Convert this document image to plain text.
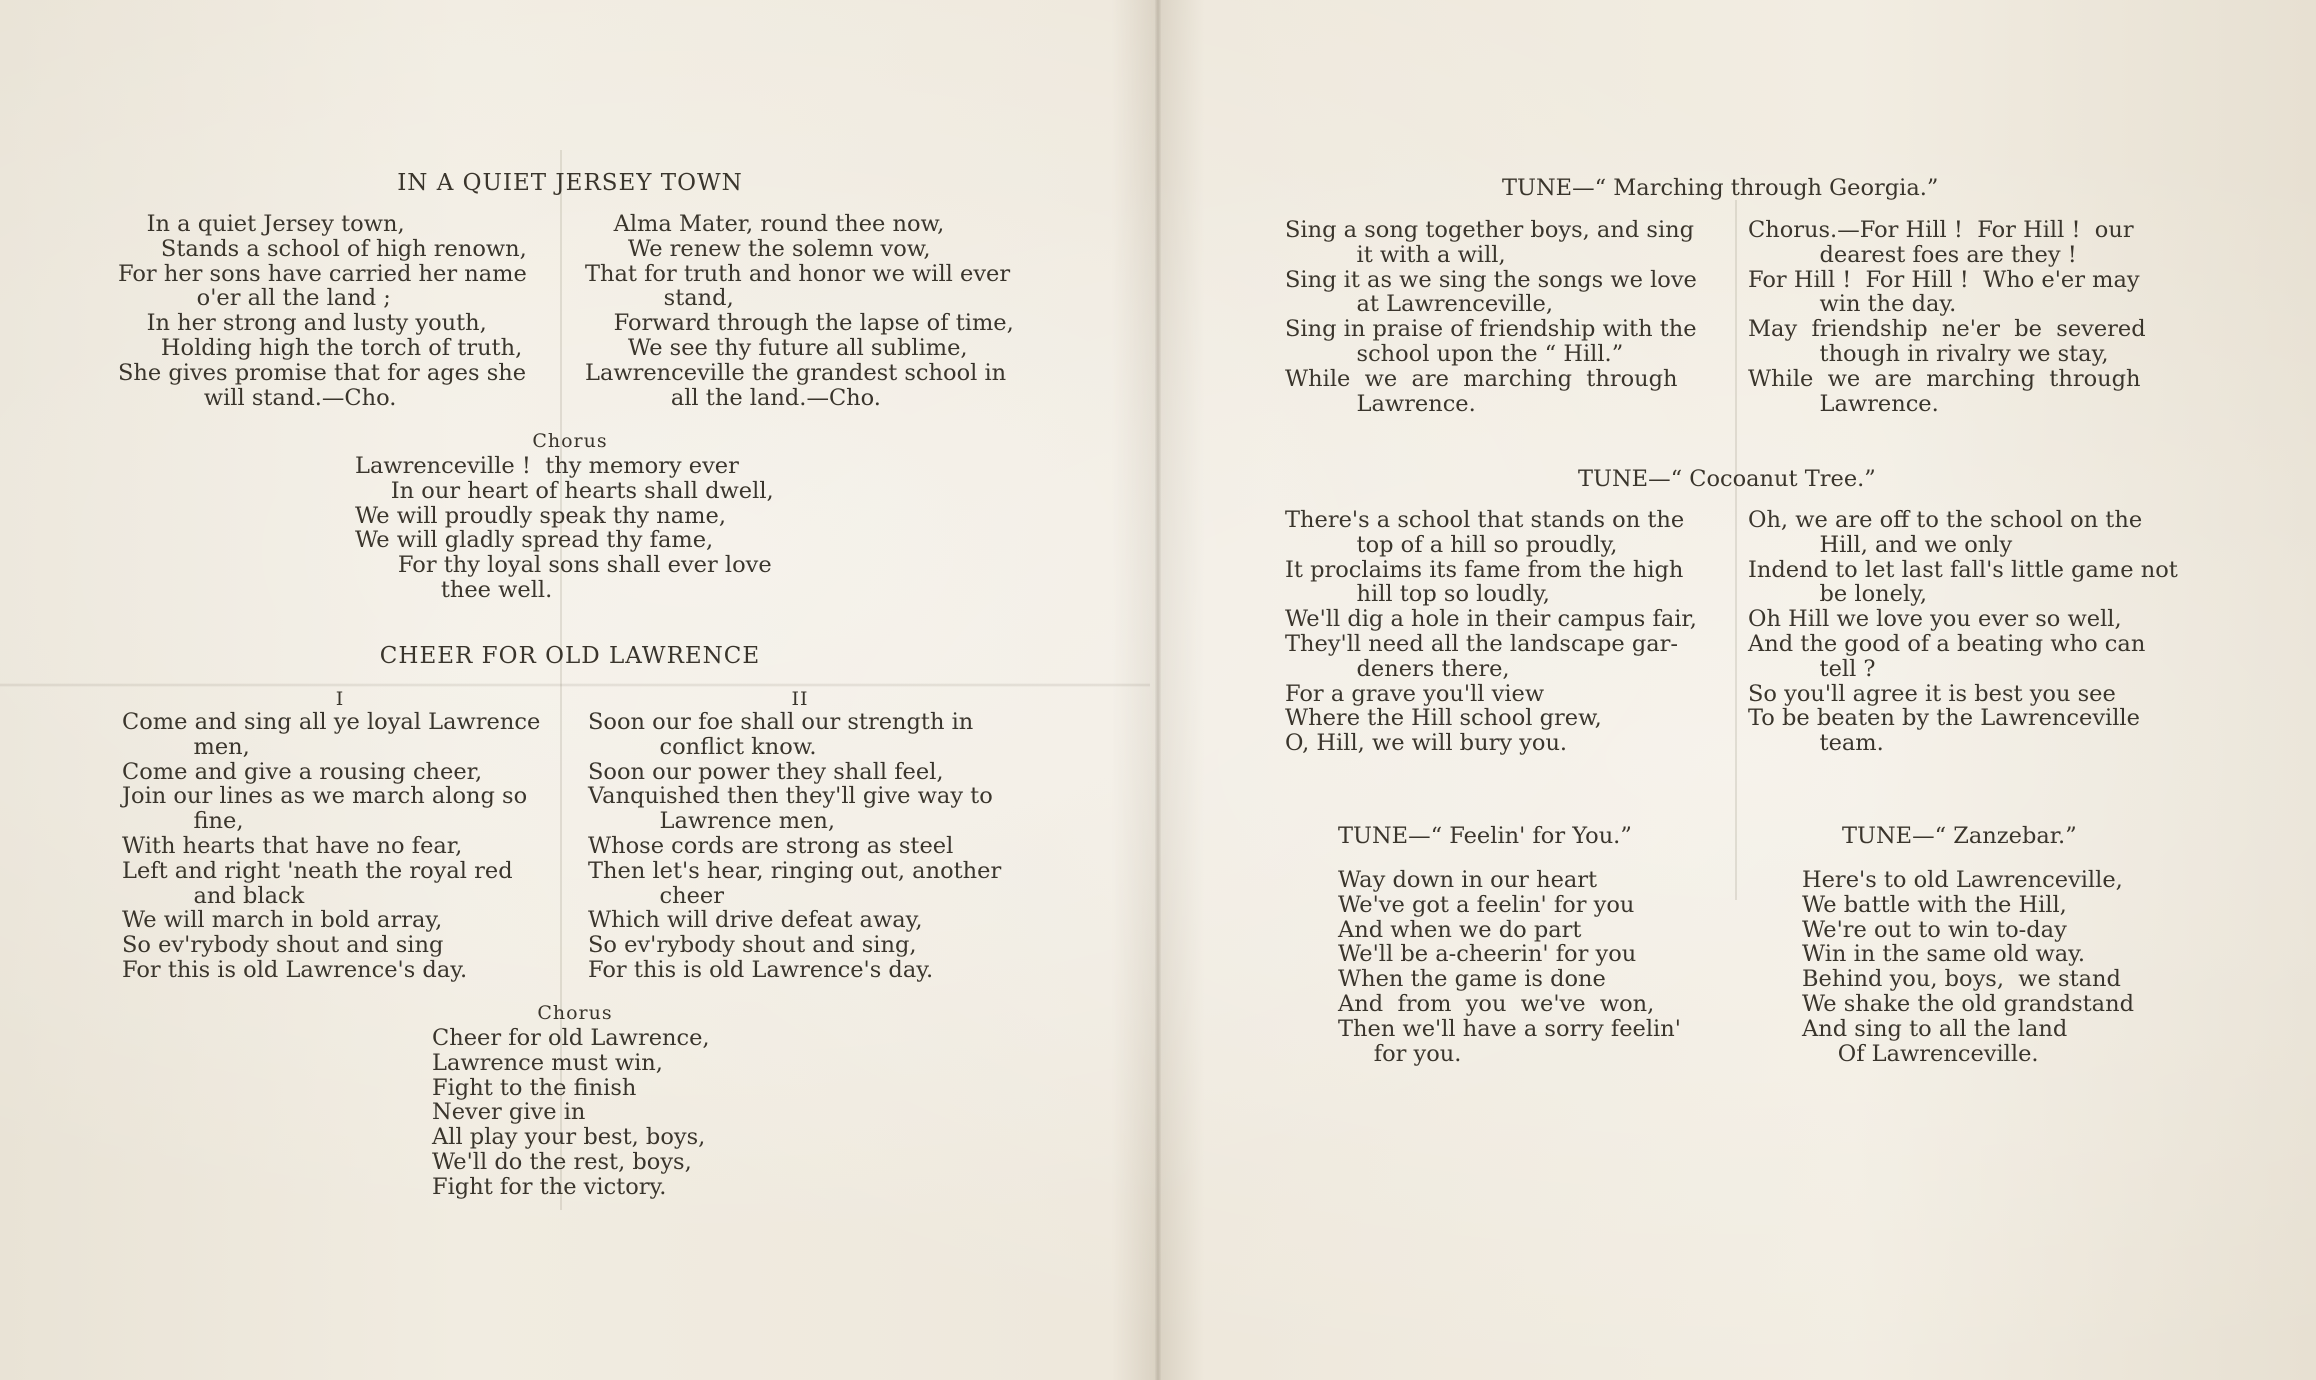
IN A QUIET JERSEY TOWN
In a quiet Jersey town,
Stands a school of high renown,
For her sons have carried her name
o'er all the land ;
In her strong and lusty youth,
Holding high the torch of truth,
She gives promise that for ages she
will stand.—Cho.
Alma Mater, round thee now,
We renew the solemn vow,
That for truth and honor we will ever
stand,
Forward through the lapse of time,
We see thy future all sublime,
Lawrenceville the grandest school in
all the land.—Cho.
Chorus
Lawrenceville !  thy memory ever
In our heart of hearts shall dwell,
We will proudly speak thy name,
We will gladly spread thy fame,
For thy loyal sons shall ever love
thee well.
CHEER FOR OLD LAWRENCE
I	II
Come and sing all ye loyal Lawrence
men,
Come and give a rousing cheer,
Join our lines as we march along so
fine,
With hearts that have no fear,
Left and right 'neath the royal red
and black
We will march in bold array,
So ev'rybody shout and sing
For this is old Lawrence's day.
Soon our foe shall our strength in
conflict know.
Soon our power they shall feel,
Vanquished then they'll give way to
Lawrence men,
Whose cords are strong as steel
Then let's hear, ringing out, another
cheer
Which will drive defeat away,
So ev'rybody shout and sing,
For this is old Lawrence's day.
Chorus
Cheer for old Lawrence,
Lawrence must win,
Fight to the finish
Never give in
All play your best, boys,
We'll do the rest, boys,
Fight for the victory.
TUNE—“ Marching through Georgia.”
Sing a song together boys, and sing
it with a will,
Sing it as we sing the songs we love
at Lawrenceville,
Sing in praise of friendship with the
school upon the “ Hill.”
While  we  are  marching  through
Lawrence.
Chorus.—For Hill !  For Hill !  our
dearest foes are they !
For Hill !  For Hill !  Who e'er may
win the day.
May  friendship  ne'er  be  severed
though in rivalry we stay,
While  we  are  marching  through
Lawrence.
TUNE—“ Cocoanut Tree.”
There's a school that stands on the
top of a hill so proudly,
It proclaims its fame from the high
hill top so loudly,
We'll dig a hole in their campus fair,
They'll need all the landscape gar-
deners there,
For a grave you'll view
Where the Hill school grew,
O, Hill, we will bury you.
Oh, we are off to the school on the
Hill, and we only
Indend to let last fall's little game not
be lonely,
Oh Hill we love you ever so well,
And the good of a beating who can
tell ?
So you'll agree it is best you see
To be beaten by the Lawrenceville
team.
TUNE—“ Feelin' for You.”
Way down in our heart
We've got a feelin' for you
And when we do part
We'll be a-cheerin' for you
When the game is done
And  from  you  we've  won,
Then we'll have a sorry feelin'
for you.
TUNE—“ Zanzebar.”
Here's to old Lawrenceville,
We battle with the Hill,
We're out to win to-day
Win in the same old way.
Behind you, boys,  we stand
We shake the old grandstand
And sing to all the land
Of Lawrenceville.
